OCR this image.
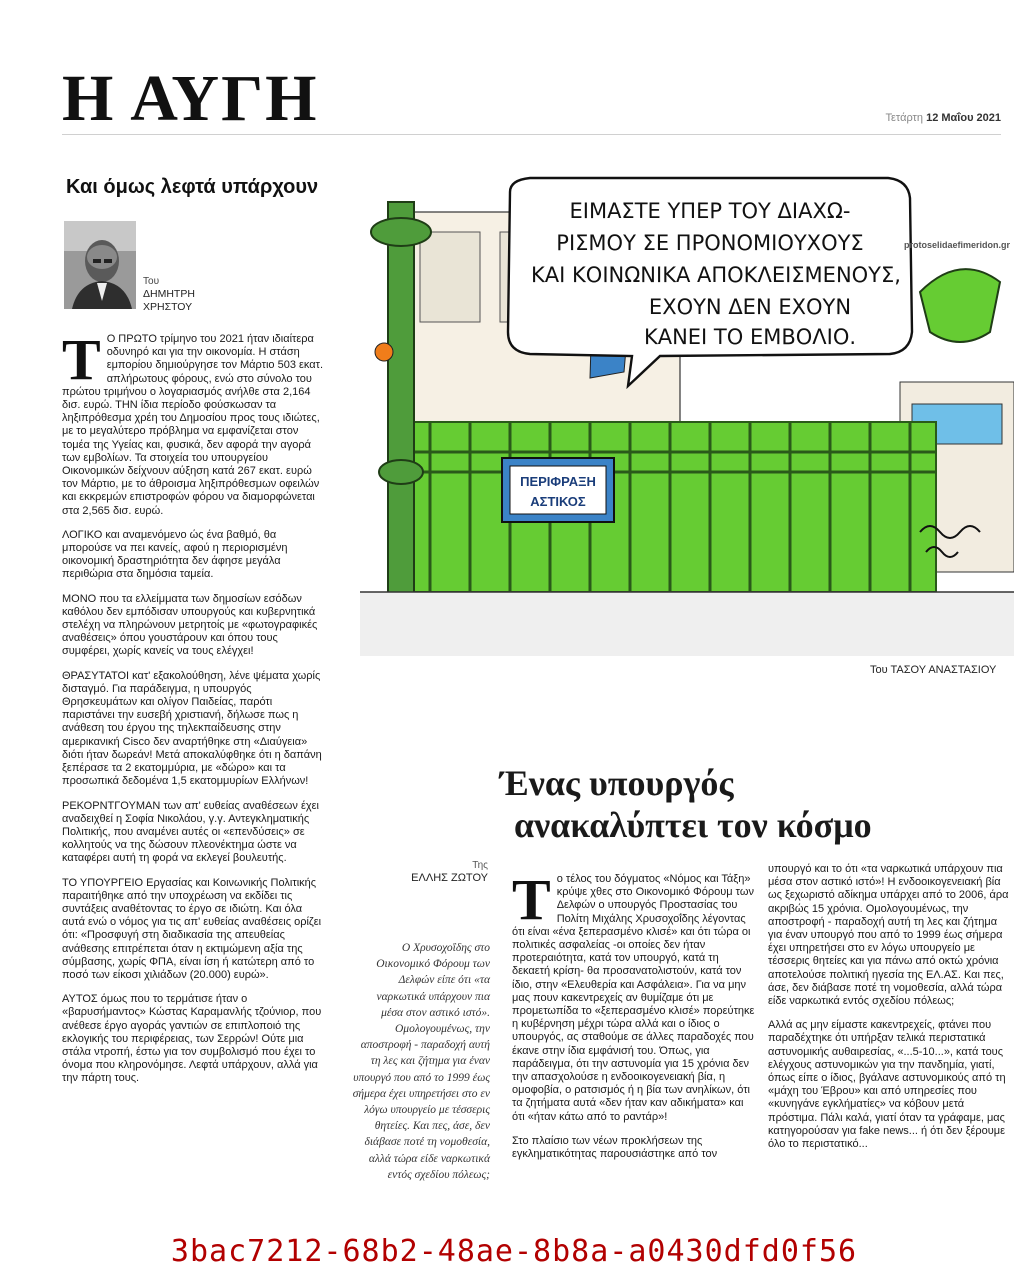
Η ΑΥΓΗ	Τετάρτη 12 Μαΐου 2021
Και όμως λεφτά υπάρχουν
Του
ΔΗΜΗΤΡΗ ΧΡΗΣΤΟΥ

Τ Ο ΠΡΩΤΟ τρίμηνο του 2021 ήταν ιδιαίτερα οδυνηρό και για την οικονομία. Η στάση εμπορίου δημιούργησε τον Μάρτιο 503 εκατ. απλήρωτους φόρους, ενώ στο σύνολο του πρώτου τριμήνου ο λογαριασμός ανήλθε στα 2,164 δισ. ευρώ. ΤΗΝ ίδια περίοδο φούσκωσαν τα ληξιπρόθεσμα χρέη του Δημοσίου προς τους ιδιώτες, με το μεγαλύτερο πρόβλημα να εμφανίζεται στον τομέα της Υγείας και, φυσικά, δεν αφορά την αγορά των εμβολίων. Τα στοιχεία του υπουργείου Οικονομικών δείχνουν αύξηση κατά 267 εκατ. ευρώ τον Μάρτιο, με το άθροισμα ληξιπρόθεσμων οφειλών και εκκρεμών επιστροφών φόρου να διαμορφώνεται στα 2,565 δισ. ευρώ.

ΛΟΓΙΚΟ και αναμενόμενο ώς ένα βαθμό, θα μπορούσε να πει κανείς, αφού η περιορισμένη οικονομική δραστηριότητα δεν άφησε μεγάλα περιθώρια στα δημόσια ταμεία.

ΜΟΝΟ που τα ελλείμματα των δημοσίων εσόδων καθόλου δεν εμπόδισαν υπουργούς και κυβερνητικά στελέχη να πληρώνουν μετρητοίς με «φωτογραφικές αναθέσεις» όπου γουστάρουν και όπου τους συμφέρει, χωρίς κανείς να τους ελέγχει!

ΘΡΑΣΥΤΑΤΟΙ κατ' εξακολούθηση, λένε ψέματα χωρίς δισταγμό. Για παράδειγμα, η υπουργός Θρησκευμάτων και ολίγον Παιδείας, παρότι παριστάνει την ευσεβή χριστιανή, δήλωσε πως η ανάθεση του έργου της τηλεκπαίδευσης στην αμερικανική Cisco δεν αναρτήθηκε στη «Διαύγεια» διότι ήταν δωρεάν! Μετά αποκαλύφθηκε ότι η δαπάνη ξεπέρασε τα 2 εκατομμύρια, με «δώρο» και τα προσωπικά δεδομένα 1,5 εκατομμυρίων Ελλήνων!

ΡΕΚΟΡΝΤΓΟΥΜΑΝ των απ' ευθείας αναθέσεων έχει αναδειχθεί η Σοφία Νικολάου, γ.γ. Αντεγκληματικής Πολιτικής, που αναμένει αυτές οι «επενδύσεις» σε κολλητούς να της δώσουν πλεονέκτημα ώστε να καταφέρει αυτή τη φορά να εκλεγεί βουλευτής.

ΤΟ ΥΠΟΥΡΓΕΙΟ Εργασίας και Κοινωνικής Πολιτικής παραιτήθηκε από την υποχρέωση να εκδίδει τις συντάξεις αναθέτοντας το έργο σε ιδιώτη. Και όλα αυτά ενώ ο νόμος για τις απ' ευθείας αναθέσεις ορίζει ότι: «Προσφυγή στη διαδικασία της απευθείας ανάθεσης επιτρέπεται όταν η εκτιμώμενη αξία της σύμβασης, χωρίς ΦΠΑ, είναι ίση ή κατώτερη από το ποσό των είκοσι χιλιάδων (20.000) ευρώ».

ΑΥΤΟΣ όμως που το τερμάτισε ήταν ο «βαρυσήμαντος» Κώστας Καραμανλής τζούνιορ, που ανέθεσε έργο αγοράς γαντιών σε επιπλοποιό της εκλογικής του περιφέρειας, των Σερρών! Ούτε μια στάλα ντροπή, έστω για τον συμβολισμό που έχει το όνομα που κληρονόμησε. Λεφτά υπάρχουν, αλλά για την πάρτη τους.

ΠΕΡΙΦΡΑΞΗ
ΑΣΤΙΚΟΣ
ΕΙΜΑΣΤΕ ΥΠΕΡ ΤΟΥ ΔΙΑΧΩ-
ΡΙΣΜΟΥ ΣΕ ΠΡΟΝΟΜΙΟΥΧΟΥΣ
ΚΑΙ ΚΟΙΝΩΝΙΚΑ ΑΠΟΚΛΕΙΣΜΕΝΟΥΣ,
ΕΧΟΥΝ ΔΕΝ ΕΧΟΥΝ
ΚΑΝΕΙ ΤΟ ΕΜΒΟΛΙΟ.
protoselidaefimeridon.gr
Του ΤΑΣΟΥ ΑΝΑΣΤΑΣΙΟΥ
Ένας υπουργός
ανακαλύπτει τον κόσμο
Της
ΕΛΛΗΣ ΖΩΤΟΥ
Ο Χρυσοχοΐδης στο Οικονομικό Φόρουμ των Δελφών είπε ότι «τα ναρκωτικά υπάρχουν πια μέσα στον αστικό ιστό». Ομολογουμένως, την αποστροφή - παραδοχή αυτή τη λες και ζήτημα για έναν υπουργό που από το 1999 έως σήμερα έχει υπηρετήσει στο εν λόγω υπουργείο με τέσσερις θητείες. Και πες, άσε, δεν διάβασε ποτέ τη νομοθεσία, αλλά τώρα είδε ναρκωτικά εντός σχεδίου πόλεως;

Το τέλος του δόγματος «Νόμος και Τάξη» κρύψε χθες στο Οικονομικό Φόρουμ των Δελφών ο υπουργός Προστασίας του Πολίτη Μιχάλης Χρυσοχοΐδης λέγοντας ότι είναι «ένα ξεπερασμένο κλισέ» και ότι τώρα οι πολιτικές ασφαλείας -οι οποίες δεν ήταν προτεραιότητα, κατά τον υπουργό, κατά τη δεκαετή κρίση- θα προσανατολιστούν, κατά τον ίδιο, στην «Ελευθερία και Ασφάλεια». Για να μην μας πουν κακεντρεχείς αν θυμίζαμε ότι με προμετωπίδα το «ξεπερασμένο κλισέ» πορεύτηκε η κυβέρνηση μέχρι τώρα αλλά και ο ίδιος ο υπουργός, ας σταθούμε σε άλλες παραδοχές που έκανε στην ίδια εμφάνισή του. Όπως, για παράδειγμα, ότι την αστυνομία για 15 χρόνια δεν την απασχολούσε η ενδοοικογενειακή βία, η ομοφοβία, ο ρατσισμός ή η βία των ανηλίκων, ότι τα ζητήματα αυτά «δεν ήταν καν αδικήματα» και ότι «ήταν κάτω από το ραντάρ»!

Στο πλαίσιο των νέων προκλήσεων της εγκληματικότητας παρουσιάστηκε από τον

υπουργό και το ότι «τα ναρκωτικά υπάρχουν πια μέσα στον αστικό ιστό»! Η ενδοοικογενειακή βία ως ξεχωριστό αδίκημα υπάρχει από το 2006, άρα ακριβώς 15 χρόνια. Ομολογουμένως, την αποστροφή - παραδοχή αυτή τη λες και ζήτημα για έναν υπουργό που από το 1999 έως σήμερα έχει υπηρετήσει στο εν λόγω υπουργείο με τέσσερις θητείες και για πάνω από οκτώ χρόνια αποτελούσε πολιτική ηγεσία της ΕΛ.ΑΣ. Και πες, άσε, δεν διάβασε ποτέ τη νομοθεσία, αλλά τώρα είδε ναρκωτικά εντός σχεδίου πόλεως;

Αλλά ας μην είμαστε κακεντρεχείς, φτάνει που παραδέχτηκε ότι υπήρξαν τελικά περιστατικά αστυνομικής αυθαιρεσίας, «...5-10...», κατά τους ελέγχους αστυνομικών για την πανδημία, γιατί, όπως είπε ο ίδιος, βγάλανε αστυνομικούς από τη «μάχη του Έβρου» και από υπηρεσίες που «κυνηγάνε εγκλήματίες» να κόβουν μετά πρόστιμα. Πάλι καλά, γιατί όταν τα γράφαμε, μας κατηγορούσαν για fake news... ή ότι δεν ξέρουμε όλο το περιστατικό...

3bac7212-68b2-48ae-8b8a-a0430dfd0f56
